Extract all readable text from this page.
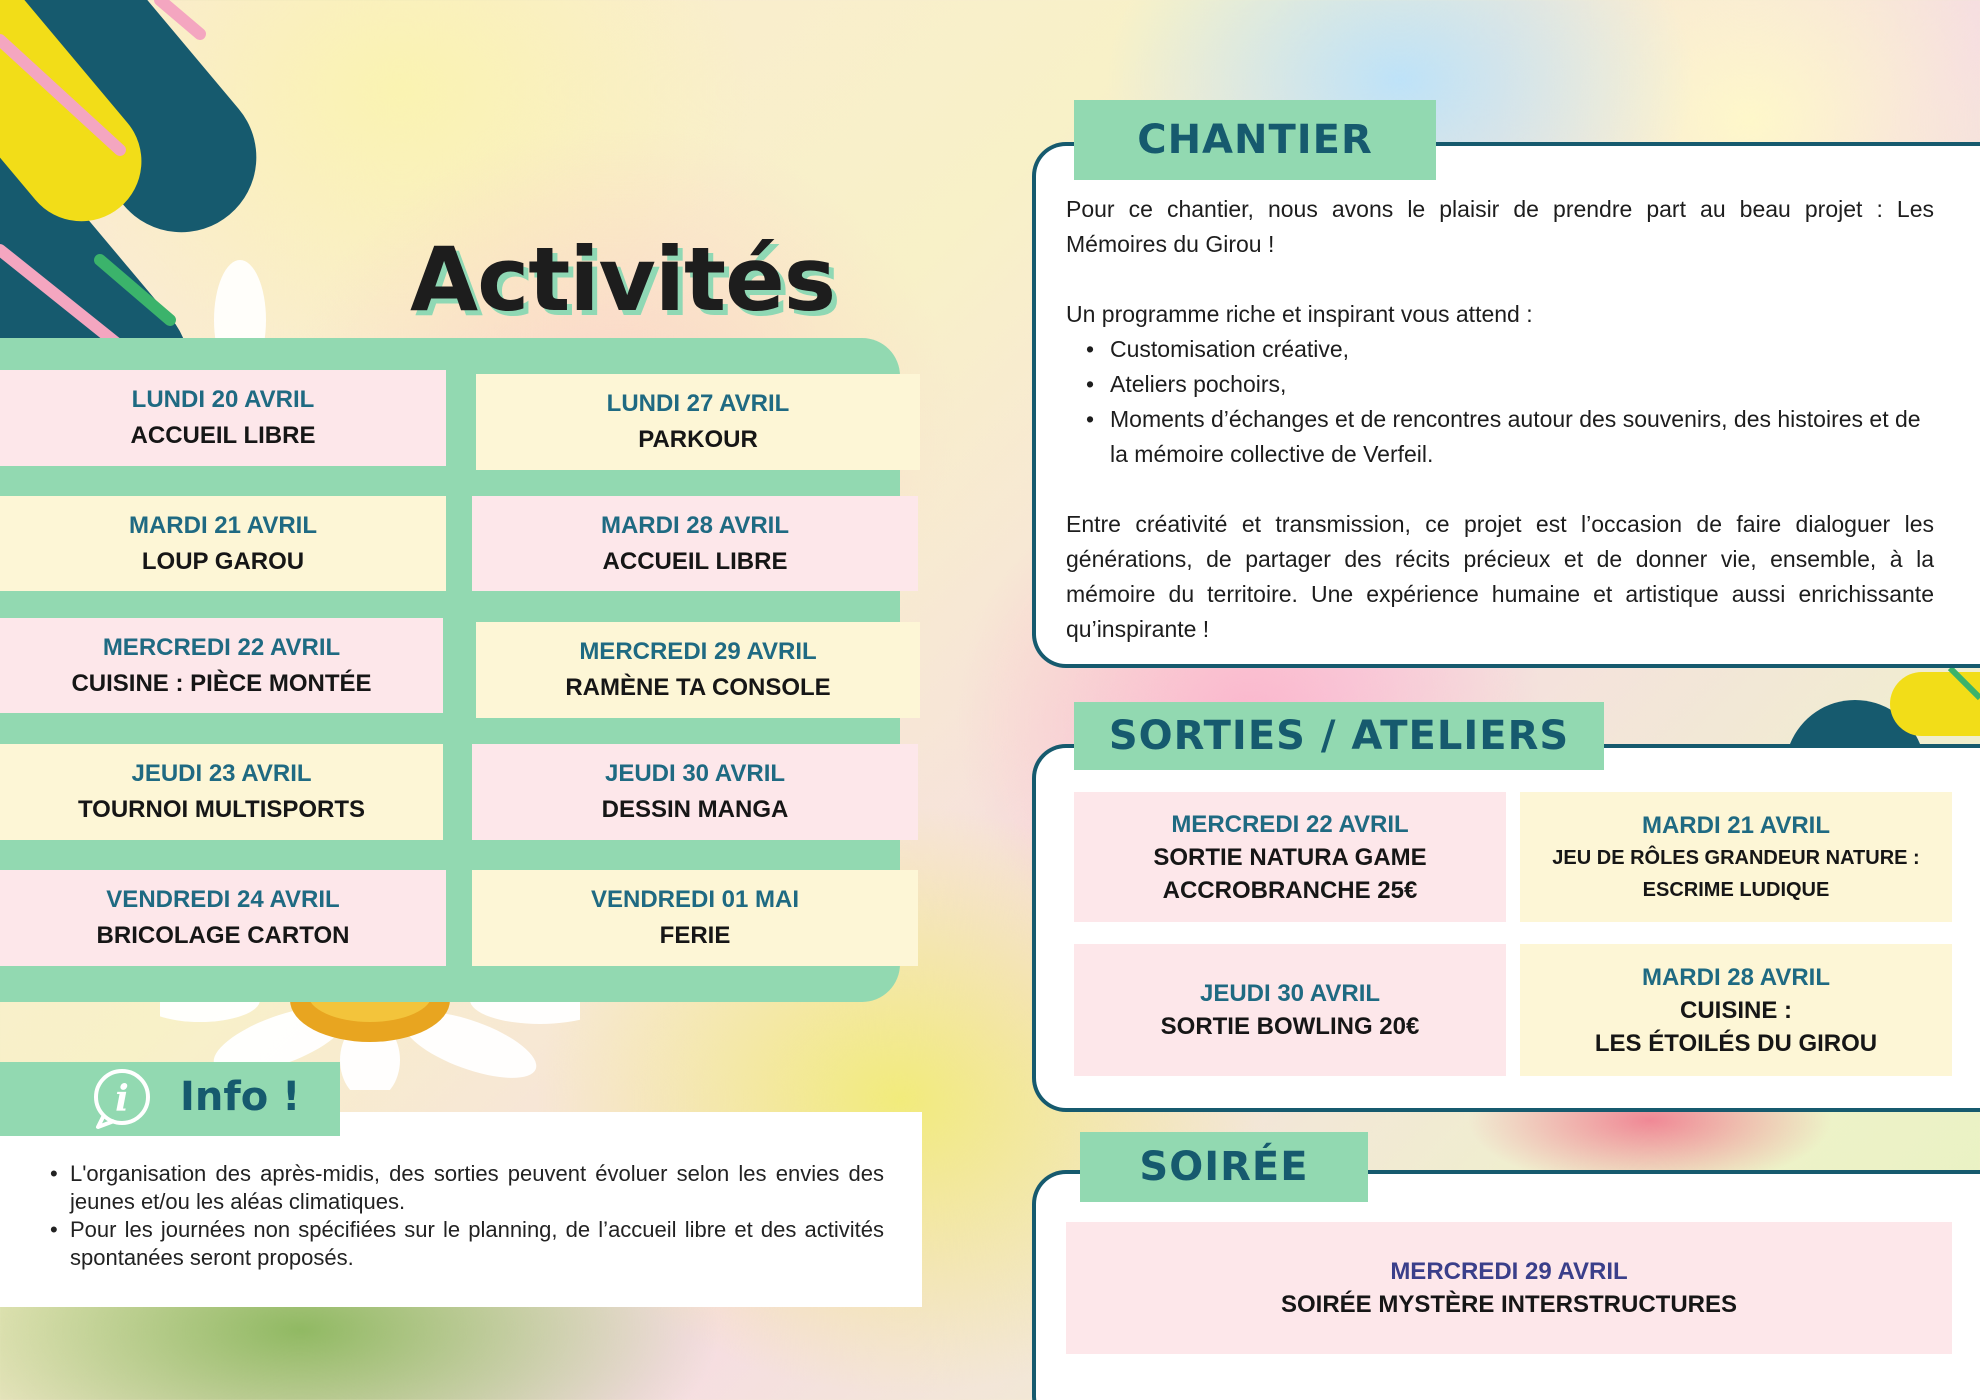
Activités
LUNDI 20 AVRIL
ACCUEIL LIBRE
LUNDI 27 AVRIL
PARKOUR
MARDI 21 AVRIL
LOUP GAROU
MARDI 28 AVRIL
ACCUEIL LIBRE
MERCREDI 22 AVRIL
CUISINE : PIÈCE MONTÉE
MERCREDI 29 AVRIL
RAMÈNE TA CONSOLE
JEUDI 23 AVRIL
TOURNOI MULTISPORTS
JEUDI 30 AVRIL
DESSIN MANGA
VENDREDI 24 AVRIL
BRICOLAGE CARTON
VENDREDI 01 MAI
FERIE
• L'organisation des après-midis, des sorties peuvent évoluer selon les envies des jeunes et/ou les aléas climatiques.
• Pour les journées non spécifiées sur le planning, de l’accueil libre et des activités spontanées seront proposés.
i Info !
CHANTIER

Pour ce chantier, nous avons le plaisir de prendre part au beau projet : Les Mémoires du Girou !

Un programme riche et inspirant vous attend :

• Customisation créative,
• Ateliers pochoirs,
• Moments d’échanges et de rencontres autour des souvenirs, des histoires et de la mémoire collective de Verfeil.

Entre créativité et transmission, ce projet est l’occasion de faire dialoguer les générations, de partager des récits précieux et de donner vie, ensemble, à la mémoire du territoire. Une expérience humaine et artistique aussi enrichissante qu’inspirante !

SORTIES / ATELIERS
MERCREDI 22 AVRIL
SORTIE NATURA GAME
ACCROBRANCHE 25€
MARDI 21 AVRIL
JEU DE RÔLES GRANDEUR NATURE :
ESCRIME LUDIQUE
JEUDI 30 AVRIL
SORTIE BOWLING 20€
MARDI 28 AVRIL
CUISINE :
LES ÉTOILÉS DU GIROU
SOIRÉE
MERCREDI 29 AVRIL
SOIRÉE MYSTÈRE INTERSTRUCTURES
